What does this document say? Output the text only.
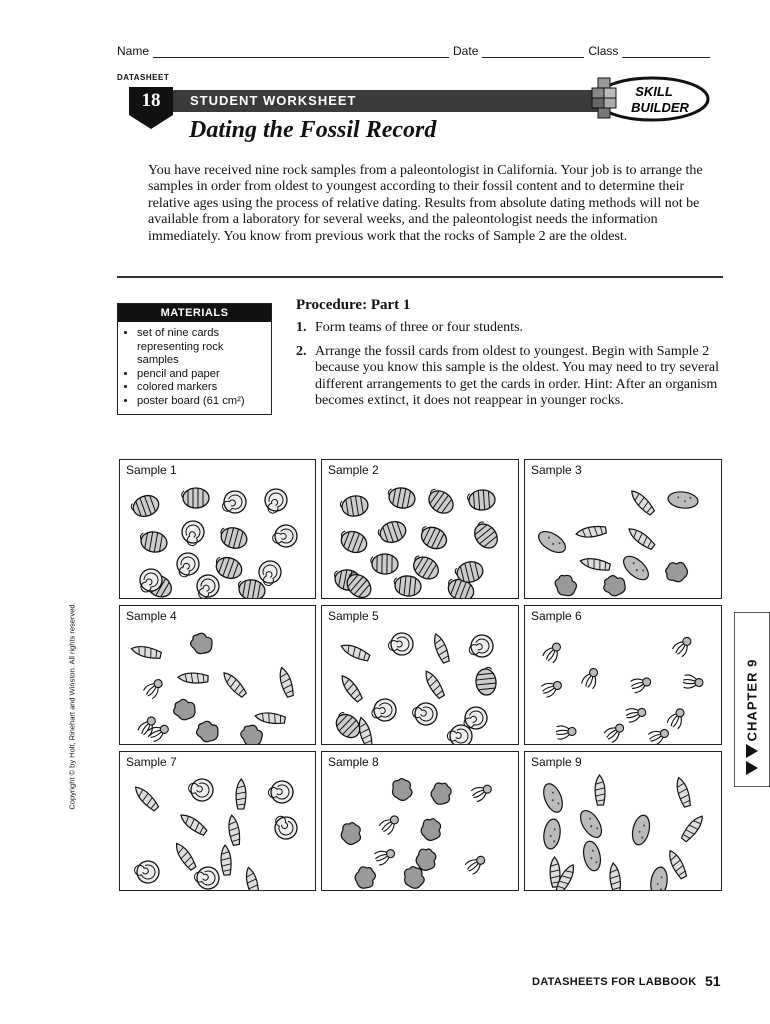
Name	Date	Class
DATASHEET
18	STUDENT WORKSHEET
SKILL
BUILDER
Dating the Fossil Record
You have received nine rock samples from a paleontologist in California. Your job is to arrange the samples in order from oldest to youngest according to their fossil content and to determine their relative ages using the process of relative dating. Results from absolute dating methods will not be available from a laboratory for several weeks, and the paleontologist needs the information immediately. You know from previous work that the rocks of Sample 2 are the oldest.
MATERIALS
• set of nine cards representing rock samples
• pencil and paper
• colored markers
• poster board (61 cm²)
Procedure: Part 1
1. Form teams of three or four students.
2. Arrange the fossil cards from oldest to youngest. Begin with Sample 2 because you know this sample is the oldest. You may need to try several different arrangements to get the cards in order. Hint: After an organism becomes extinct, it does not reappear in younger rocks.
Sample 1	Sample 2	Sample 3
Sample 4	Sample 5	Sample 6
Sample 7	Sample 8	Sample 9
Copyright © by Holt, Rinehart and Winston. All rights reserved.	CHAPTER 9
DATASHEETS FOR LABBOOK 51
